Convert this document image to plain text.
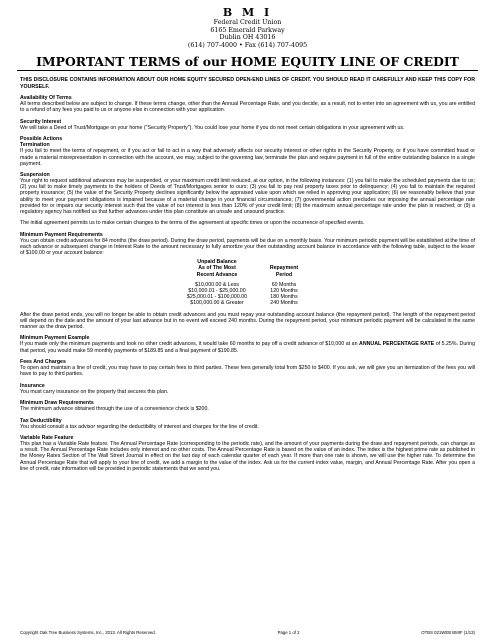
B M I
Federal Credit Union
6165 Emerald Parkway
Dublin OH 43016
(614) 707-4000 • Fax (614) 707-4095
IMPORTANT TERMS of our HOME EQUITY LINE OF CREDIT

THIS DISCLOSURE CONTAINS INFORMATION ABOUT OUR HOME EQUITY SECURED OPEN-END LINES OF CREDIT. YOU SHOULD READ IT CAREFULLY AND KEEP THIS COPY FOR YOURSELF.

Availability Of Terms

All terms described below are subject to change. If these terms change, other than the Annual Percentage Rate, and you decide, as a result, not to enter into an agreement with us, you are entitled to a refund of any fees you paid to us or anyone else in connection with your application.

Security Interest

We will take a Deed of Trust/Mortgage on your home ("Security Property"). You could lose your home if you do not meet certain obligations in your agreement with us.

Possible Actions

Termination

If you fail to meet the terms of repayment, or if you act or fail to act in a way that adversely affects our security interest or other rights in the Security Property, or if you have committed fraud or made a material misrepresentation in connection with the account, we may, subject to the governing law, terminate the plan and require payment in full of the entire outstanding balance in a single payment.

Suspension

Your right to request additional advances may be suspended, or your maximum credit limit reduced, at our option, in the following instances: (1) you fail to make the scheduled payments due to us; (2) you fail to make timely payments to the holders of Deeds of Trust/Mortgages senior to ours; (3) you fail to pay real property taxes prior to delinquency; (4) you fail to maintain the required property insurance; (5) the value of the Security Property declines significantly below the appraised value upon which we relied in approving your application; (6) we reasonably believe that your ability to meet your payment obligations is impaired because of a material change in your financial circumstances; (7) governmental action precludes our imposing the annual percentage rate provided for or impairs our security interest such that the value of our interest is less than 120% of your credit limit; (8) the maximum annual percentage rate under the plan is reached; or (9) a regulatory agency has notified us that further advances under this plan constitute an unsafe and unsound practice.

The initial agreement permits us to make certain changes to the terms of the agreement at specific times or upon the occurrence of specified events.

Minimum Payment Requirements

You can obtain credit advances for 84 months (the draw period). During the draw period, payments will be due on a monthly basis. Your minimum periodic payment will be established at the time of each advance or subsequent change in Interest Rate to the amount necessary to fully amortize your then outstanding account balance in accordance with the following table, subject to the lesser of $100.00 or your account balance:

Unpaid Balance
As of The Most	Repayment
Recent Advance	Period
$10,000.00 & Less	60 Months
$10,000.01 - $25,000.00	120 Months
$25,000.01 - $100,000.00	180 Months
$100,000.00 & Greater	240 Months

After the draw period ends, you will no longer be able to obtain credit advances and you must repay your outstanding account balance (the repayment period). The length of the repayment period will depend on the date and the amount of your last advance but in no event will exceed 240 months. During the repayment period, your minimum periodic payment will be calculated in the same manner as the draw period.

Minimum Payment Example

If you made only the minimum payments and took no other credit advances, it would take 60 months to pay off a credit advance of $10,000 at an ANNUAL PERCENTAGE RATE of 5.25%. During that period, you would make 59 monthly payments of $189.85 and a final payment of $190.85.

Fees And Charges

To open and maintain a line of credit, you may have to pay certain fees to third parties. These fees generally total from $250 to $400. If you ask, we will give you an itemization of the fees you will have to pay to third parties.

Insurance

You must carry insurance on the property that secures this plan.

Minimum Draw Requirements

The minimum advance obtained through the use of a convenience check is $200.

Tax Deductibility

You should consult a tax advisor regarding the deductibility of interest and charges for the line of credit.

Variable Rate Feature

This plan has a Variable Rate feature. The Annual Percentage Rate (corresponding to the periodic rate), and the amount of your payments during the draw and repayment periods, can change as a result. The Annual Percentage Rate includes only interest and no other costs. The Annual Percentage Rate is based on the value of an index. The index is the highest prime rate as published in the Money Rates Section of The Wall Street Journal in effect on the last day of each calendar quarter of each year. If more than one rate is shown, we will use the higher rate. To determine the Annual Percentage Rate that will apply to your line of credit, we add a margin to the value of the index. Ask us for the current index value, margin, and Annual Percentage Rate. After you open a line of credit, rate information will be provided in periodic statements that we send you.

Copyright Oak Tree Business Systems, Inc., 2013. All Rights Reserved.	Page 1 of 2	OTBS 021WEB BMIF (1/13)
